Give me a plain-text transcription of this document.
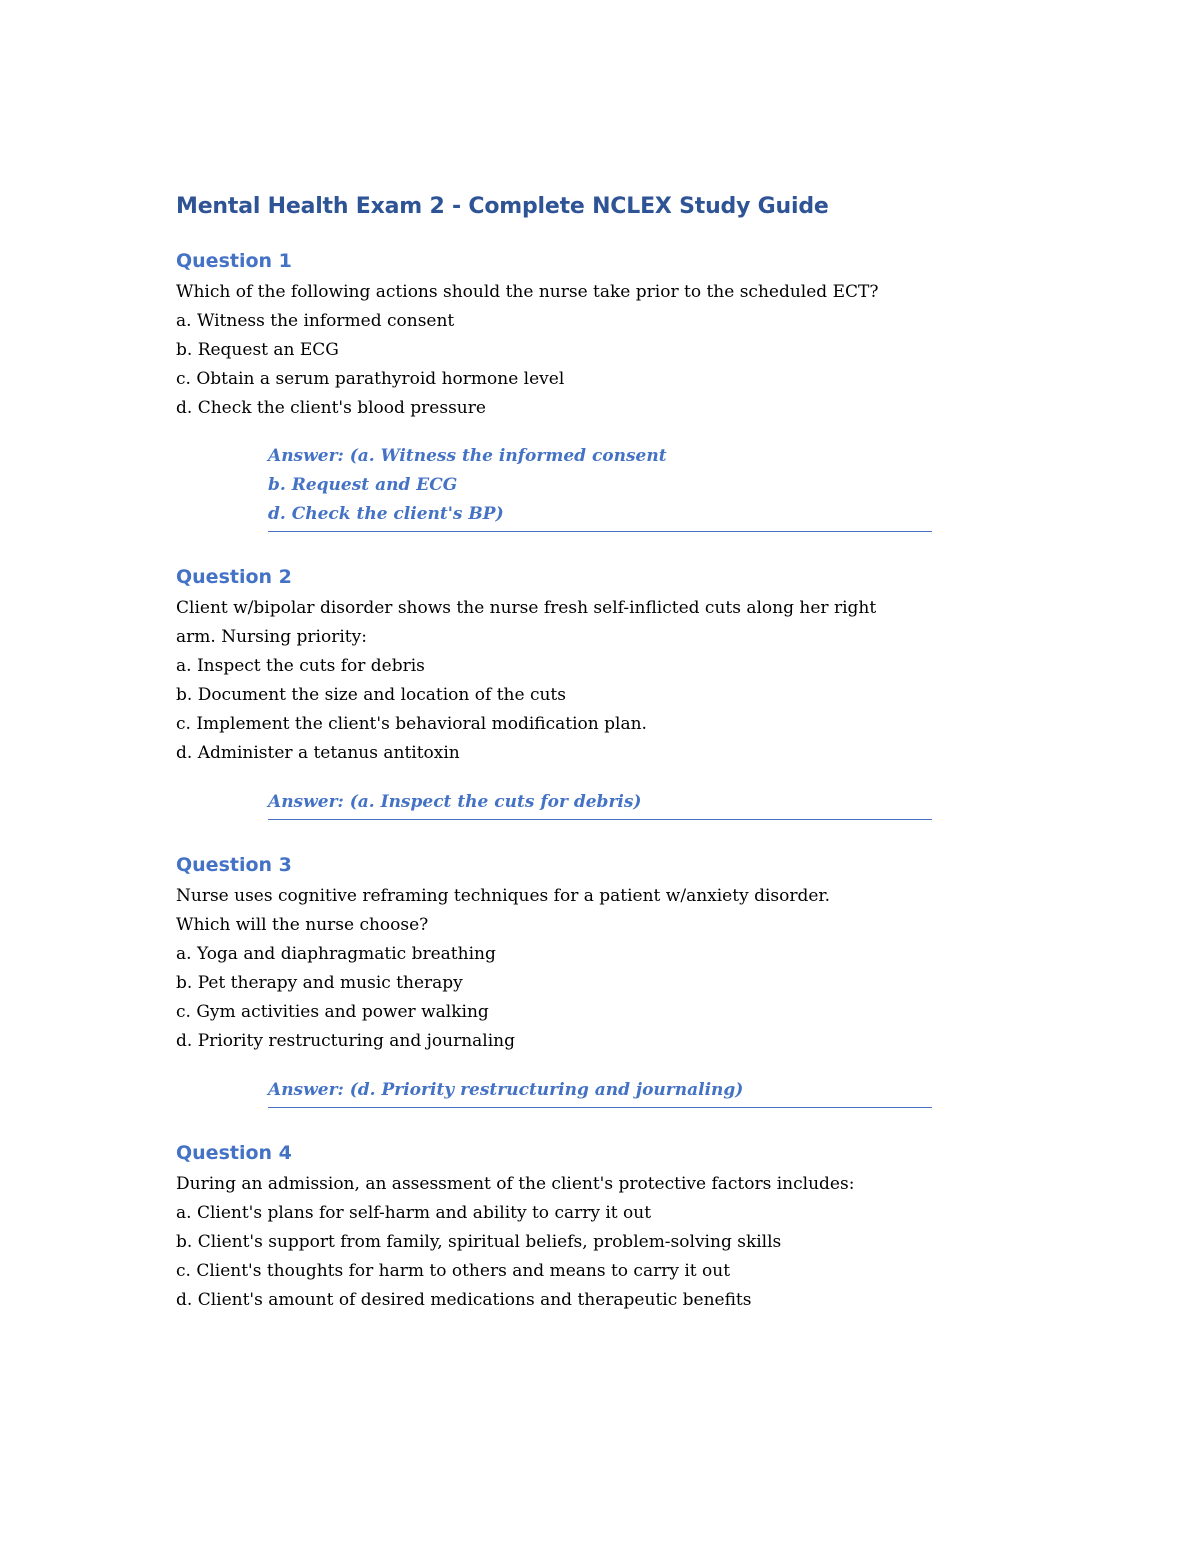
Mental Health Exam 2 - Complete NCLEX Study Guide
Question 1
Which of the following actions should the nurse take prior to the scheduled ECT?
a. Witness the informed consent
b. Request an ECG
c. Obtain a serum parathyroid hormone level
d. Check the client's blood pressure
Answer: (a. Witness the informed consent
b. Request and ECG
d. Check the client's BP)
Question 2
Client w/bipolar disorder shows the nurse fresh self-inflicted cuts along her right
arm. Nursing priority:
a. Inspect the cuts for debris
b. Document the size and location of the cuts
c. Implement the client's behavioral modification plan.
d. Administer a tetanus antitoxin
Answer: (a. Inspect the cuts for debris)
Question 3
Nurse uses cognitive reframing techniques for a patient w/anxiety disorder.
Which will the nurse choose?
a. Yoga and diaphragmatic breathing
b. Pet therapy and music therapy
c. Gym activities and power walking
d. Priority restructuring and journaling
Answer: (d. Priority restructuring and journaling)
Question 4
During an admission, an assessment of the client's protective factors includes:
a. Client's plans for self-harm and ability to carry it out
b. Client's support from family, spiritual beliefs, problem-solving skills
c. Client's thoughts for harm to others and means to carry it out
d. Client's amount of desired medications and therapeutic benefits
